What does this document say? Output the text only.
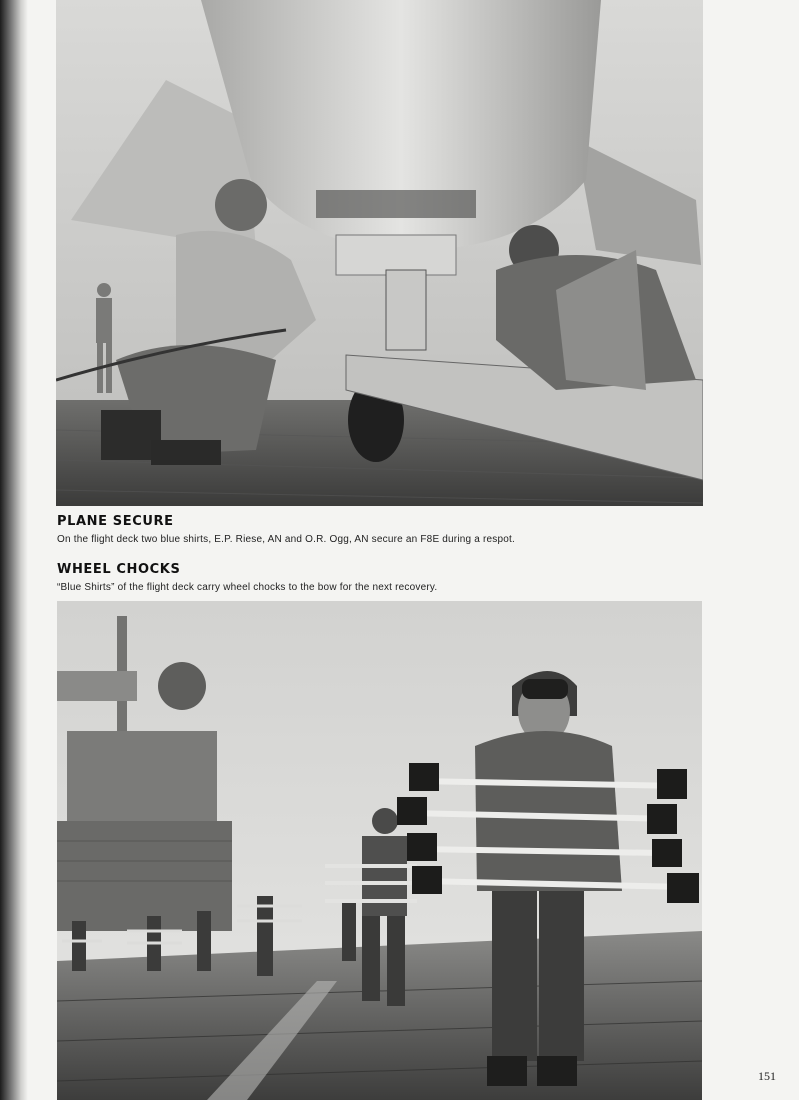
PLANE SECURE

On the flight deck two blue shirts, E.P. Riese, AN and O.R. Ogg, AN secure an F8E during a respot.

WHEEL CHOCKS

“Blue Shirts” of the flight deck carry wheel chocks to the bow for the next recovery.

151
